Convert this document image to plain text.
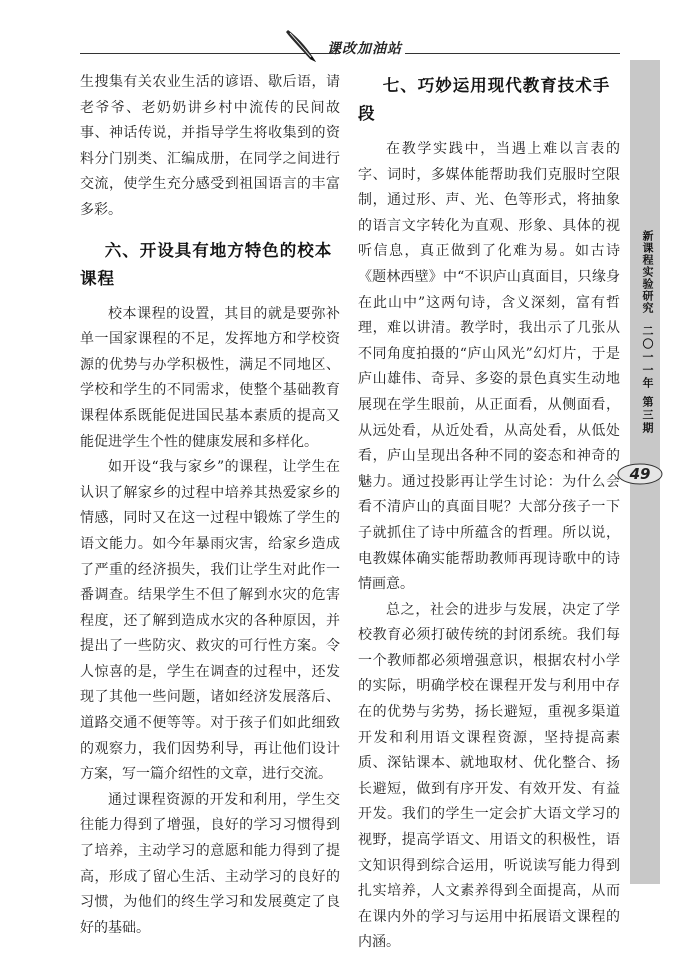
课改加油站

生搜集有关农业生活的谚语、歇后语，请老爷爷、老奶奶讲乡村中流传的民间故事、神话传说，并指导学生将收集到的资料分门别类、汇编成册，在同学之间进行交流，使学生充分感受到祖国语言的丰富多彩。

六、开设具有地方特色的校本课程

校本课程的设置，其目的就是要弥补单一国家课程的不足，发挥地方和学校资源的优势与办学积极性，满足不同地区、学校和学生的不同需求，使整个基础教育课程体系既能促进国民基本素质的提高又能促进学生个性的健康发展和多样化。

如开设“我与家乡”的课程，让学生在认识了解家乡的过程中培养其热爱家乡的情感，同时又在这一过程中锻炼了学生的语文能力。如今年暴雨灾害，给家乡造成了严重的经济损失，我们让学生对此作一番调查。结果学生不但了解到水灾的危害程度，还了解到造成水灾的各种原因，并提出了一些防灾、救灾的可行性方案。令人惊喜的是，学生在调查的过程中，还发现了其他一些问题，诸如经济发展落后、道路交通不便等等。对于孩子们如此细致的观察力，我们因势利导，再让他们设计方案，写一篇介绍性的文章，进行交流。

通过课程资源的开发和利用，学生交往能力得到了增强，良好的学习习惯得到了培养，主动学习的意愿和能力得到了提高，形成了留心生活、主动学习的良好的习惯，为他们的终生学习和发展奠定了良好的基础。

七、巧妙运用现代教育技术手段

在教学实践中，当遇上难以言表的字、词时，多媒体能帮助我们克服时空限制，通过形、声、光、色等形式，将抽象的语言文字转化为直观、形象、具体的视听信息，真正做到了化难为易。如古诗《题林西壁》中“不识庐山真面目，只缘身在此山中”这两句诗，含义深刻，富有哲理，难以讲清。教学时，我出示了几张从不同角度拍摄的“庐山风光”幻灯片，于是庐山雄伟、奇异、多姿的景色真实生动地展现在学生眼前，从正面看，从侧面看，从远处看，从近处看，从高处看，从低处看，庐山呈现出各种不同的姿态和神奇的魅力。通过投影再让学生讨论：为什么会看不清庐山的真面目呢？大部分孩子一下子就抓住了诗中所蕴含的哲理。所以说，电教媒体确实能帮助教师再现诗歌中的诗情画意。

总之，社会的进步与发展，决定了学校教育必须打破传统的封闭系统。我们每一个教师都必须增强意识，根据农村小学的实际，明确学校在课程开发与利用中存在的优势与劣势，扬长避短，重视多渠道开发和利用语文课程资源，坚持提高素质、深钻课本、就地取材、优化整合、扬长避短，做到有序开发、有效开发、有益开发。我们的学生一定会扩大语文学习的视野，提高学语文、用语文的积极性，语文知识得到综合运用，听说读写能力得到扎实培养，人文素养得到全面提高，从而在课内外的学习与运用中拓展语文课程的内涵。

新课程实验研究
二〇一一年 第三期
49
